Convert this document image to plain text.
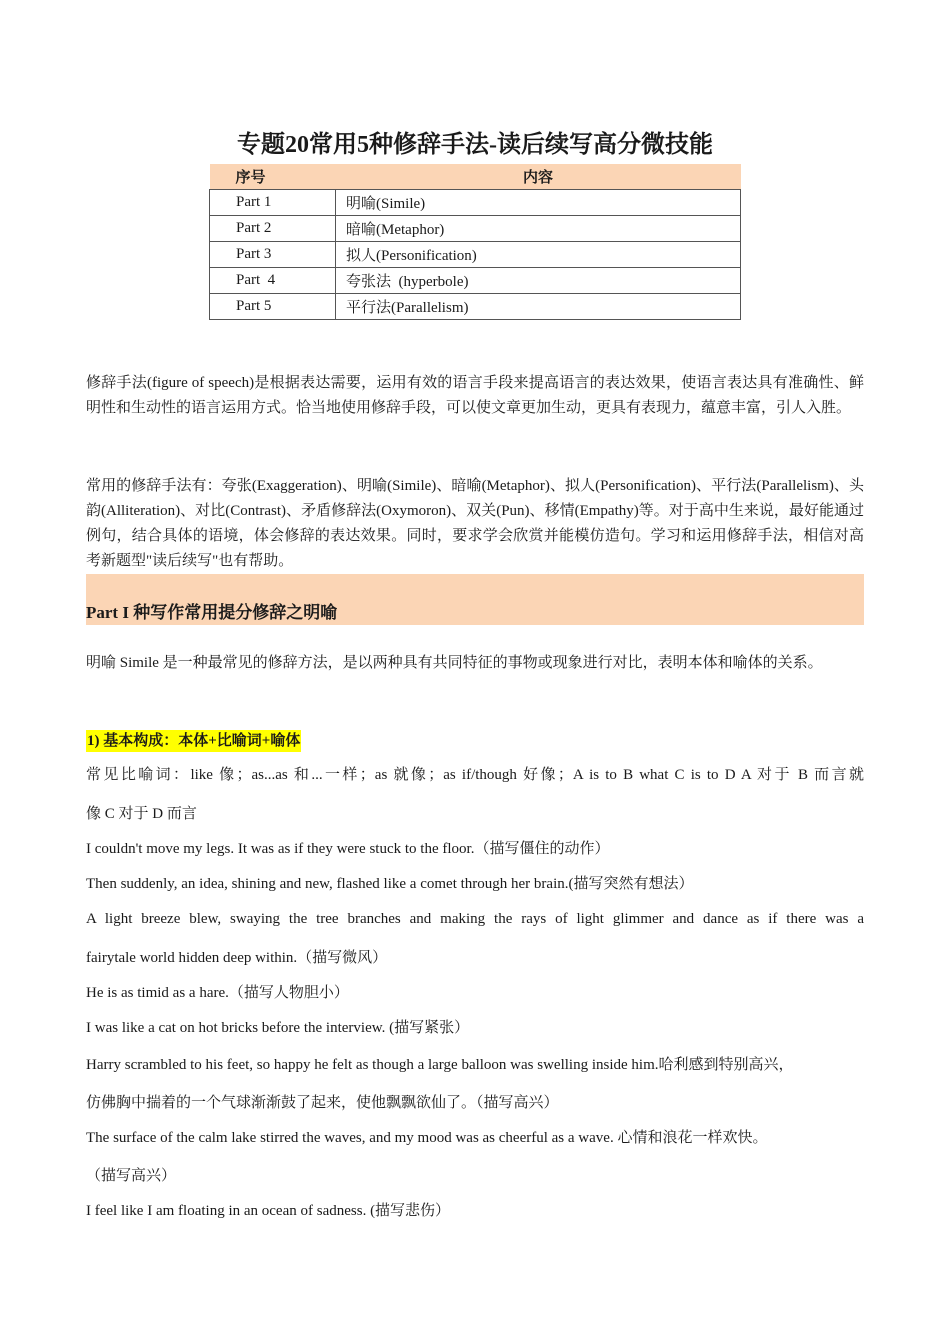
专题20常用5种修辞手法-读后续写高分微技能
序号	内容
Part 1	明喻(Simile)
Part 2	暗喻(Metaphor)
Part 3	拟人(Personification)
Part  4	夸张法  (hyperbole)
Part 5	平行法(Parallelism)

修辞手法(figure of speech)是根据表达需要，运用有效的语言手段来提高语言的表达效果，使语言表达具有准确性、鲜明性和生动性的语言运用方式。恰当地使用修辞手段，可以使文章更加生动，更具有表现力，蕴意丰富，引人入胜。

常用的修辞手法有：夸张(Exaggeration)、明喻(Simile)、暗喻(Metaphor)、拟人(Personification)、平行法(Parallelism)、头韵(Alliteration)、对比(Contrast)、矛盾修辞法(Oxymoron)、双关(Pun)、移情(Empathy)等。对于高中生来说，最好能通过例句，结合具体的语境，体会修辞的表达效果。同时，要求学会欣赏并能模仿造句。学习和运用修辞手法，相信对高考新题型"读后续写"也有帮助。

Part I 种写作常用提分修辞之明喻

明喻 Simile 是一种最常见的修辞方法，是以两种具有共同特征的事物或现象进行对比，表明本体和喻体的关系。

1) 基本构成：本体+比喻词+喻体

常见比喻词：like 像；as...as 和...一样；as 就像；as if/though 好像；A is to B what C is to D A 对于 B 而言就

像 C 对于 D 而言

I couldn't move my legs. It was as if they were stuck to the floor.（描写僵住的动作）

Then suddenly, an idea, shining and new, flashed like a comet through her brain.(描写突然有想法）

A light breeze blew, swaying the tree branches and making the rays of light glimmer and dance as if there was a

fairytale world hidden deep within.（描写微风）

He is as timid as a hare.（描写人物胆小）

I was like a cat on hot bricks before the interview. (描写紧张）

Harry scrambled to his feet, so happy he felt as though a large balloon was swelling inside him.哈利感到特别高兴，

仿佛胸中揣着的一个气球渐渐鼓了起来，使他飘飘欲仙了。（描写高兴）

The surface of the calm lake stirred the waves, and my mood was as cheerful as a wave. 心情和浪花一样欢快。

（描写高兴）

I feel like I am floating in an ocean of sadness. (描写悲伤）
